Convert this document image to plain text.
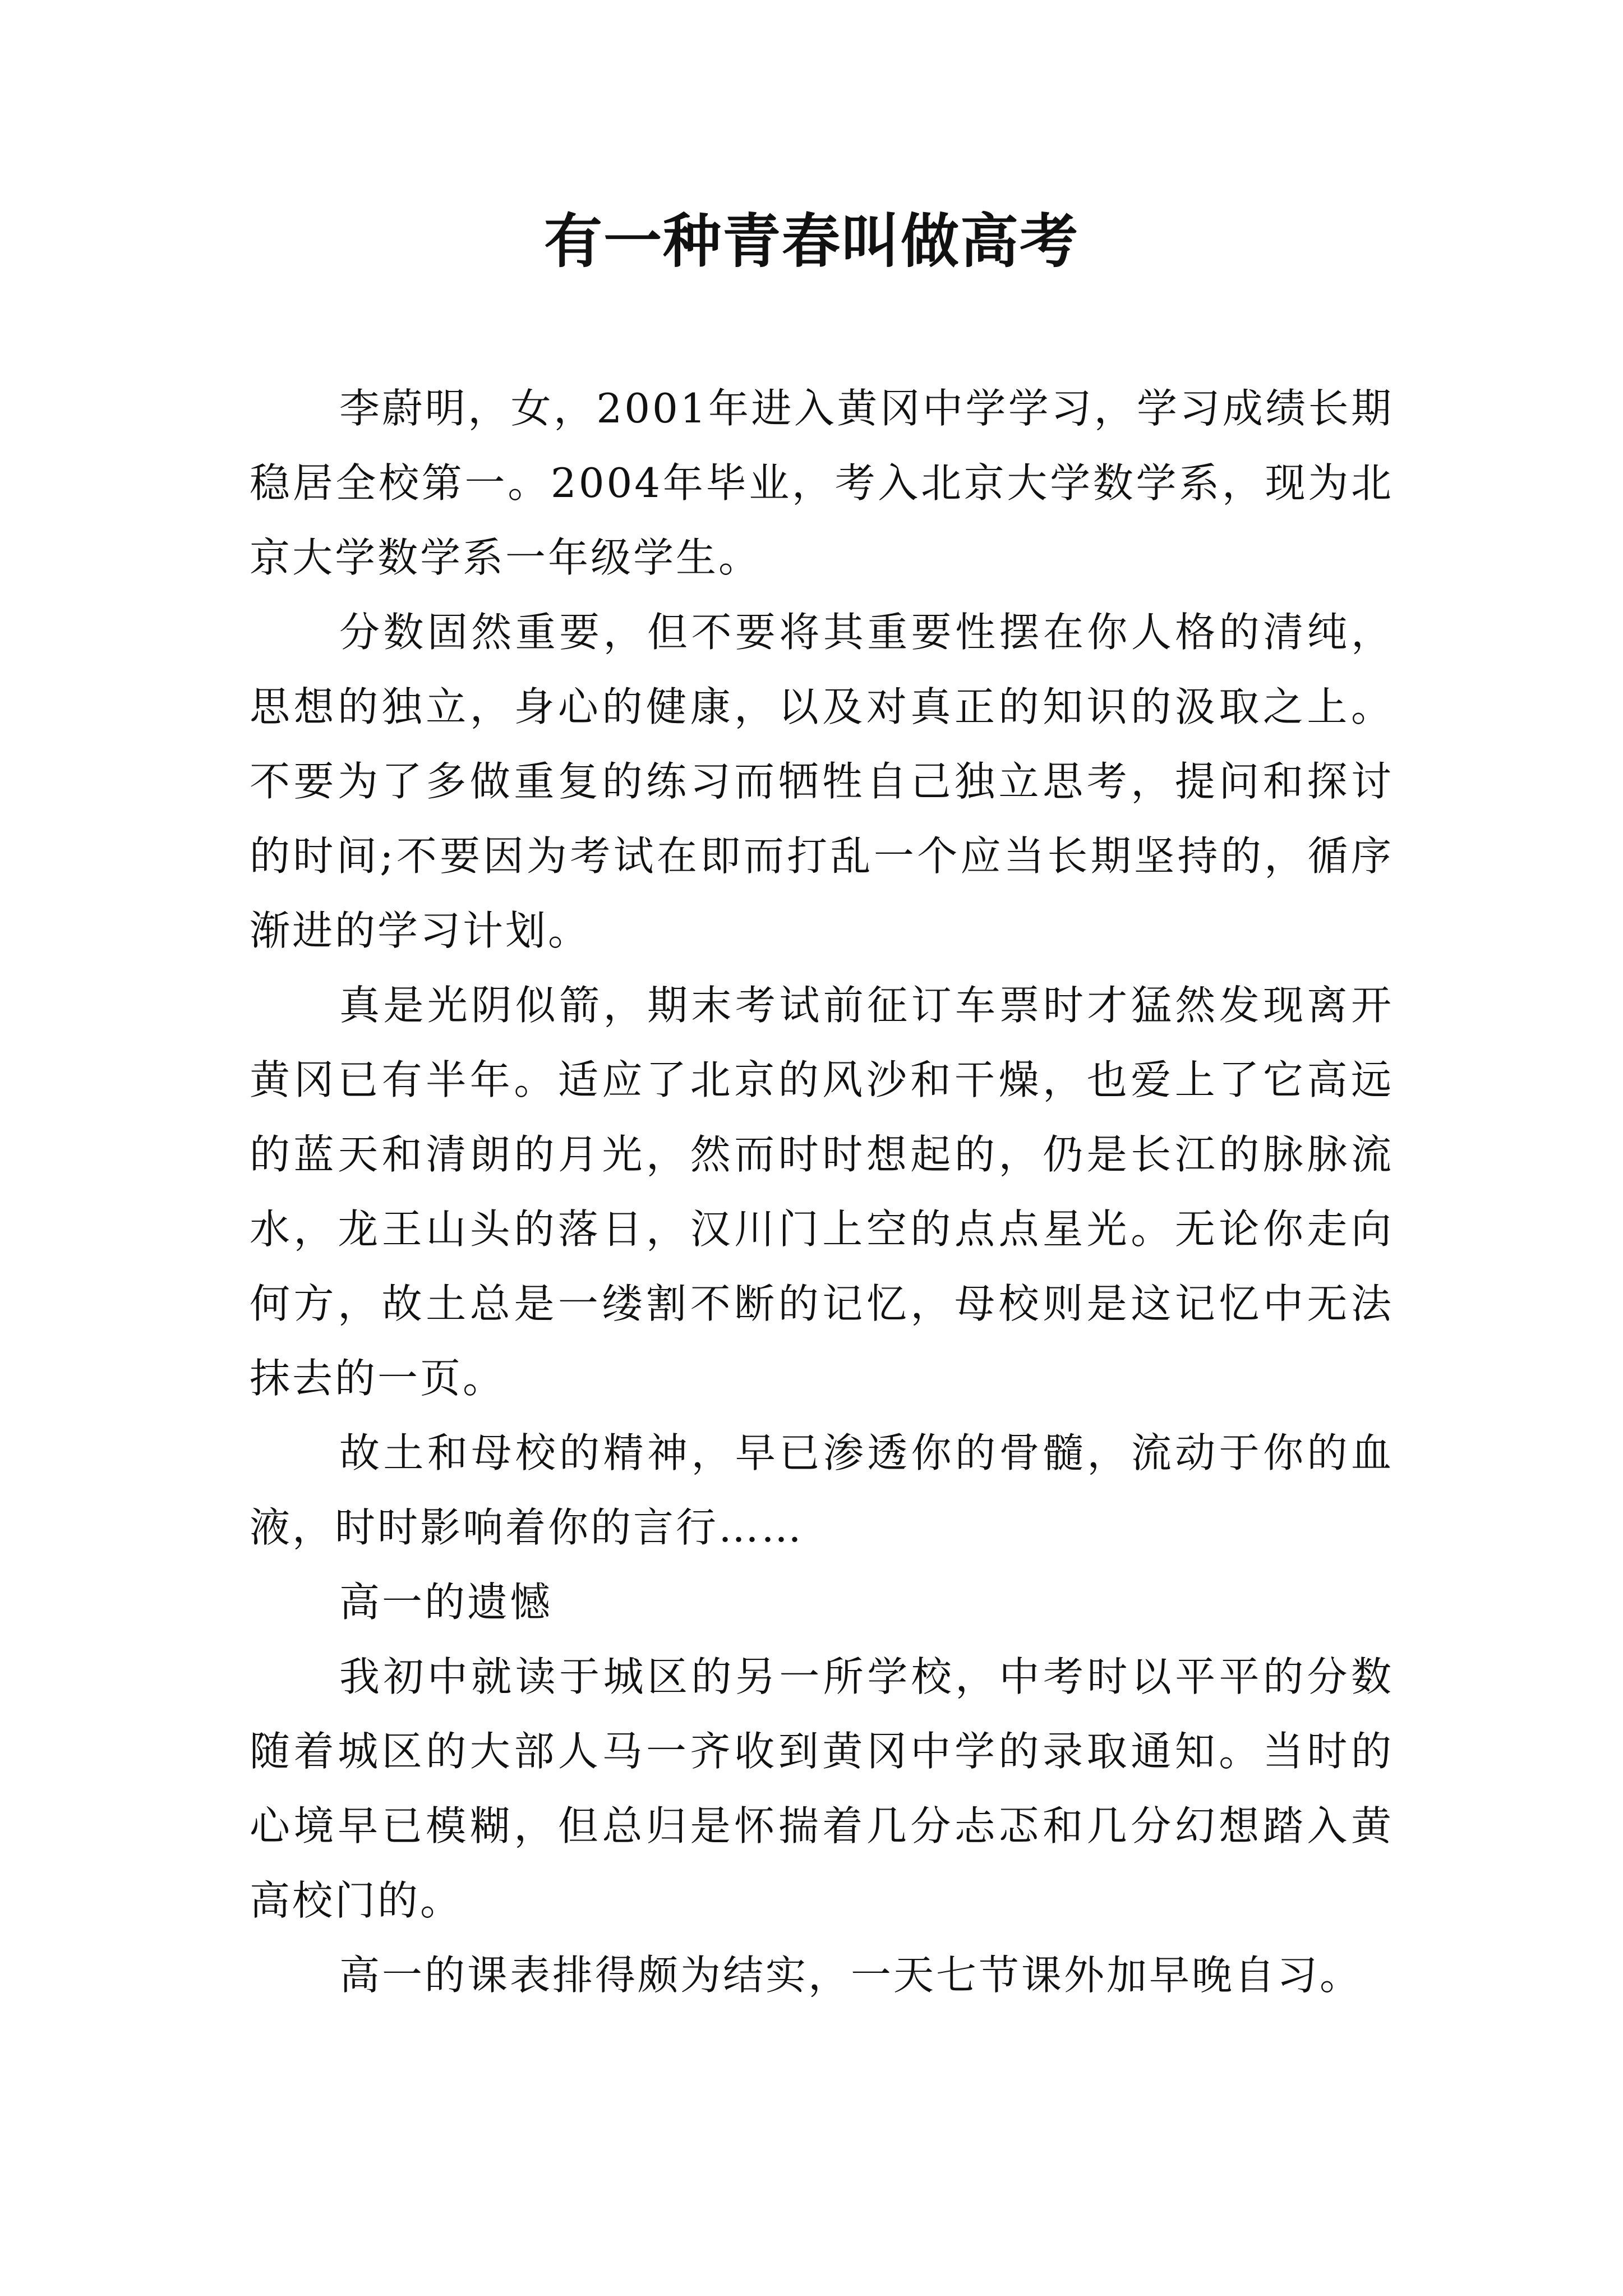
有一种青春叫做高考

李蔚明，女，2001年进入黄冈中学学习，学习成绩长期稳居全校第一。2004年毕业，考入北京大学数学系，现为北京大学数学系一年级学生。

分数固然重要，但不要将其重要性摆在你人格的清纯，思想的独立，身心的健康，以及对真正的知识的汲取之上。不要为了多做重复的练习而牺牲自己独立思考，提问和探讨的时间;不要因为考试在即而打乱一个应当长期坚持的，循序渐进的学习计划。

真是光阴似箭，期末考试前征订车票时才猛然发现离开黄冈已有半年。适应了北京的风沙和干燥，也爱上了它高远的蓝天和清朗的月光，然而时时想起的，仍是长江的脉脉流水，龙王山头的落日，汉川门上空的点点星光。无论你走向何方，故土总是一缕割不断的记忆，母校则是这记忆中无法抹去的一页。

故土和母校的精神，早已渗透你的骨髓，流动于你的血液，时时影响着你的言行……

高一的遗憾

我初中就读于城区的另一所学校，中考时以平平的分数随着城区的大部人马一齐收到黄冈中学的录取通知。当时的心境早已模糊，但总归是怀揣着几分忐忑和几分幻想踏入黄高校门的。

高一的课表排得颇为结实，一天七节课外加早晚自习。
